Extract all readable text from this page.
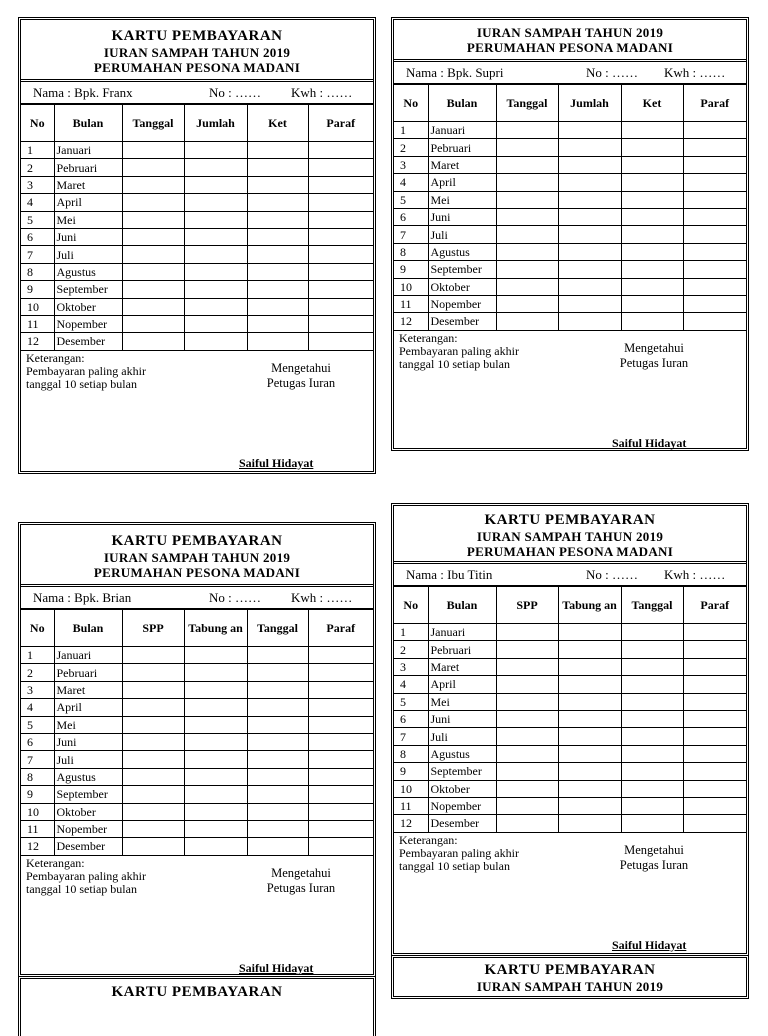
KARTU PEMBAYARAN
IURAN SAMPAH TAHUN 2019
PERUMAHAN PESONA MADANI
Nama : Bpk. Franx	No : …… Kwh : ……
No	Bulan	Tanggal	Jumlah	Ket	Paraf
1	Januari				
2	Pebruari				
3	Maret				
4	April				
5	Mei				
6	Juni				
7	Juli				
8	Agustus				
9	September				
10	Oktober				
11	Nopember				
12	Desember				
Keterangan:
Pembayaran paling akhir
tanggal 10 setiap bulan
Mengetahui
Petugas Iuran
Saiful Hidayat
IURAN SAMPAH TAHUN 2019
PERUMAHAN PESONA MADANI
Nama : Bpk. Supri	No : …… Kwh : ……
No	Bulan	Tanggal	Jumlah	Ket	Paraf
1	Januari				
2	Pebruari				
3	Maret				
4	April				
5	Mei				
6	Juni				
7	Juli				
8	Agustus				
9	September				
10	Oktober				
11	Nopember				
12	Desember				
Keterangan:
Pembayaran paling akhir
tanggal 10 setiap bulan
Mengetahui
Petugas Iuran
Saiful Hidayat
KARTU PEMBAYARAN
IURAN SAMPAH TAHUN 2019
PERUMAHAN PESONA MADANI
Nama : Bpk. Brian	No : …… Kwh : ……
No	Bulan	SPP	Tabung an	Tanggal	Paraf
1	Januari				
2	Pebruari				
3	Maret				
4	April				
5	Mei				
6	Juni				
7	Juli				
8	Agustus				
9	September				
10	Oktober				
11	Nopember				
12	Desember				
Keterangan:
Pembayaran paling akhir
tanggal 10 setiap bulan
Mengetahui
Petugas Iuran
Saiful Hidayat
KARTU PEMBAYARAN
IURAN SAMPAH TAHUN 2019
PERUMAHAN PESONA MADANI
Nama : Ibu Titin	No : …… Kwh : ……
No	Bulan	SPP	Tabung an	Tanggal	Paraf
1	Januari				
2	Pebruari				
3	Maret				
4	April				
5	Mei				
6	Juni				
7	Juli				
8	Agustus				
9	September				
10	Oktober				
11	Nopember				
12	Desember				
Keterangan:
Pembayaran paling akhir
tanggal 10 setiap bulan
Mengetahui
Petugas Iuran
Saiful Hidayat
KARTU PEMBAYARAN
KARTU PEMBAYARAN
IURAN SAMPAH TAHUN 2019
